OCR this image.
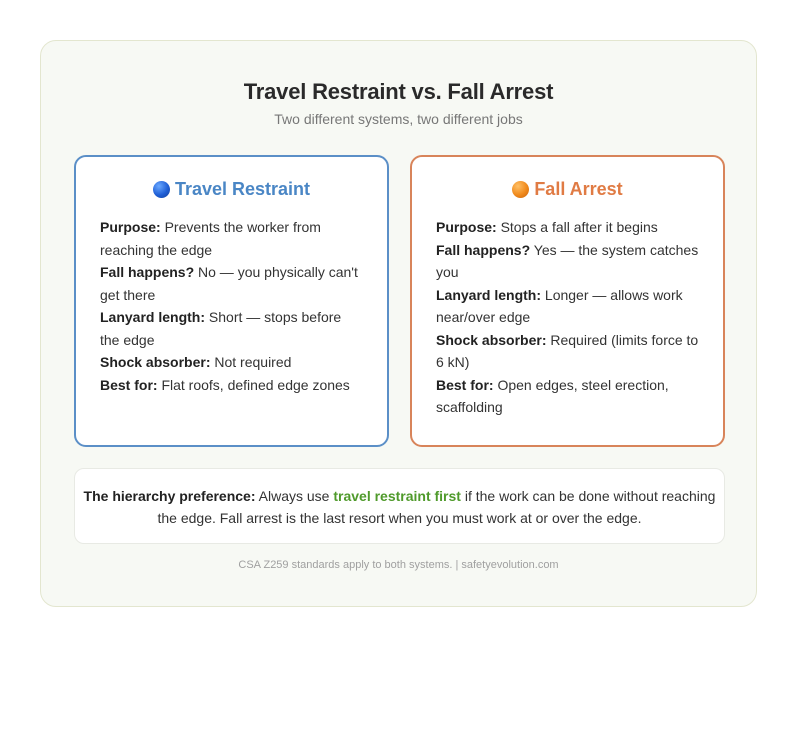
Travel Restraint vs. Fall Arrest
Two different systems, two different jobs
Travel Restraint
Purpose: Prevents the worker from reaching the edge
Fall happens? No — you physically can't get there
Lanyard length: Short — stops before the edge
Shock absorber: Not required
Best for: Flat roofs, defined edge zones
Fall Arrest
Purpose: Stops a fall after it begins
Fall happens? Yes — the system catches you
Lanyard length: Longer — allows work near/over edge
Shock absorber: Required (limits force to 6 kN)
Best for: Open edges, steel erection, scaffolding
The hierarchy preference: Always use travel restraint first if the work can be done without reaching the edge. Fall arrest is the last resort when you must work at or over the edge.
CSA Z259 standards apply to both systems. | safetyevolution.com
